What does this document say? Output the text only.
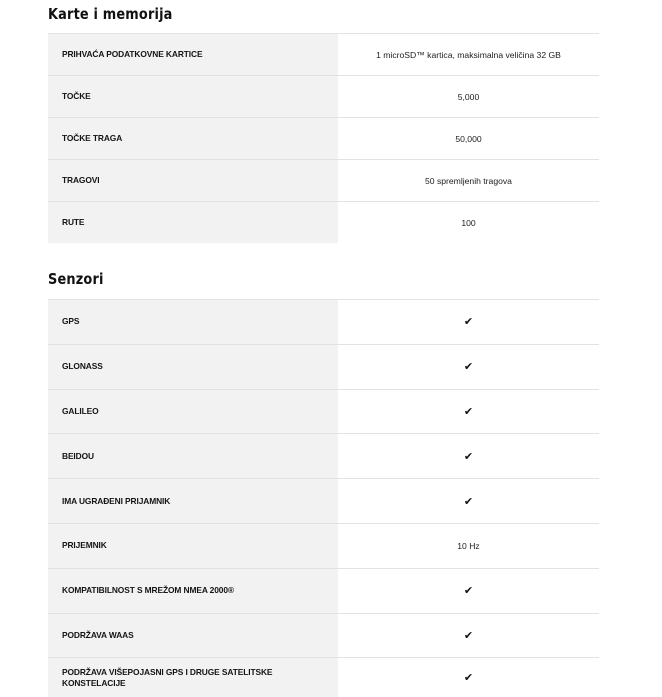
Karte i memorija
PRIHVAĆA PODATKOVNE KARTICE	1 microSD™ kartica, maksimalna veličina 32 GB
TOČKE	5,000
TOČKE TRAGA	50,000
TRAGOVI	50 spremljenih tragova
RUTE	100
Senzori
GPS	✔
GLONASS	✔
GALILEO	✔
BEIDOU	✔
IMA UGRAĐENI PRIJAMNIK	✔
PRIJEMNIK	10 Hz
KOMPATIBILNOST S MREŽOM NMEA 2000®	✔
PODRŽAVA WAAS	✔
PODRŽAVA VIŠEPOJASNI GPS I DRUGE SATELITSKE KONSTELACIJE	✔
